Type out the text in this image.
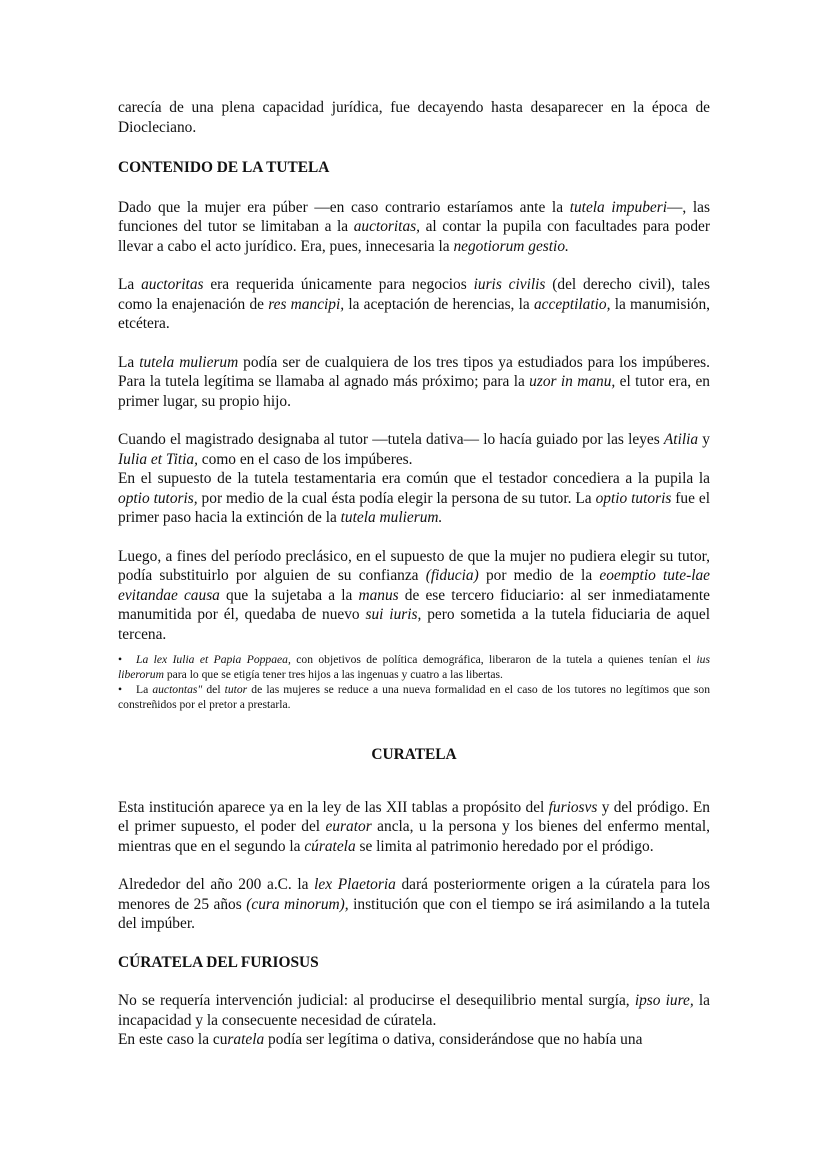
carecía de una plena capacidad jurídica, fue decayendo hasta desaparecer en la época de Diocleciano.

CONTENIDO DE LA TUTELA

Dado que la mujer era púber —en caso contrario estaríamos ante la tutela impuberi—, las funciones del tutor se limitaban a la auctoritas, al contar la pupila con facultades para poder llevar a cabo el acto jurídico. Era, pues, innecesaria la negotiorum gestio.

La auctoritas era requerida únicamente para negocios iuris civilis (del derecho civil), tales como la enajenación de res mancipi, la aceptación de herencias, la acceptilatio, la manumisión, etcétera.

La tutela mulierum podía ser de cualquiera de los tres tipos ya estudiados para los impúberes. Para la tutela legítima se llamaba al agnado más próximo; para la uzor in manu, el tutor era, en primer lugar, su propio hijo.

Cuando el magistrado designaba al tutor —tutela dativa— lo hacía guiado por las leyes Atilia y Iulia et Titia, como en el caso de los impúberes.

En el supuesto de la tutela testamentaria era común que el testador concediera a la pupila la optio tutoris, por medio de la cual ésta podía elegir la persona de su tutor. La optio tutoris fue el primer paso hacia la extinción de la tutela mulierum.

Luego, a fines del período preclásico, en el supuesto de que la mujer no pudiera elegir su tutor, podía substituirlo por alguien de su confianza (fiducia) por medio de la eoemptio tute-lae evitandae causa que la sujetaba a la manus de ese tercero fiduciario: al ser inmediatamente manumitida por él, quedaba de nuevo sui iuris, pero sometida a la tutela fiduciaria de aquel tercena.

• La lex Iulia et Papia Poppaea, con objetivos de política demográfica, liberaron de la tutela a quienes tenían el ius liberorum para lo que se etigía tener tres hijos a las ingenuas y cuatro a las libertas.

• La auctontas" del tutor de las mujeres se reduce a una nueva formalidad en el caso de los tutores no legítimos que son constreñidos por el pretor a prestarla.

CURATELA

Esta institución aparece ya en la ley de las XII tablas a propósito del furiosvs y del pródigo. En el primer supuesto, el poder del eurator ancla, u la persona y los bienes del enfermo mental, mientras que en el segundo la cúratela se limita al patrimonio heredado por el pródigo.

Alrededor del año 200 a.C. la lex Plaetoria dará posteriormente origen a la cúratela para los menores de 25 años (cura minorum), institución que con el tiempo se irá asimilando a la tutela del impúber.

CÚRATELA DEL FURIOSUS

No se requería intervención judicial: al producirse el desequilibrio mental surgía, ipso iure, la incapacidad y la consecuente necesidad de cúratela.

En este caso la curatela podía ser legítima o dativa, considerándose que no había una
